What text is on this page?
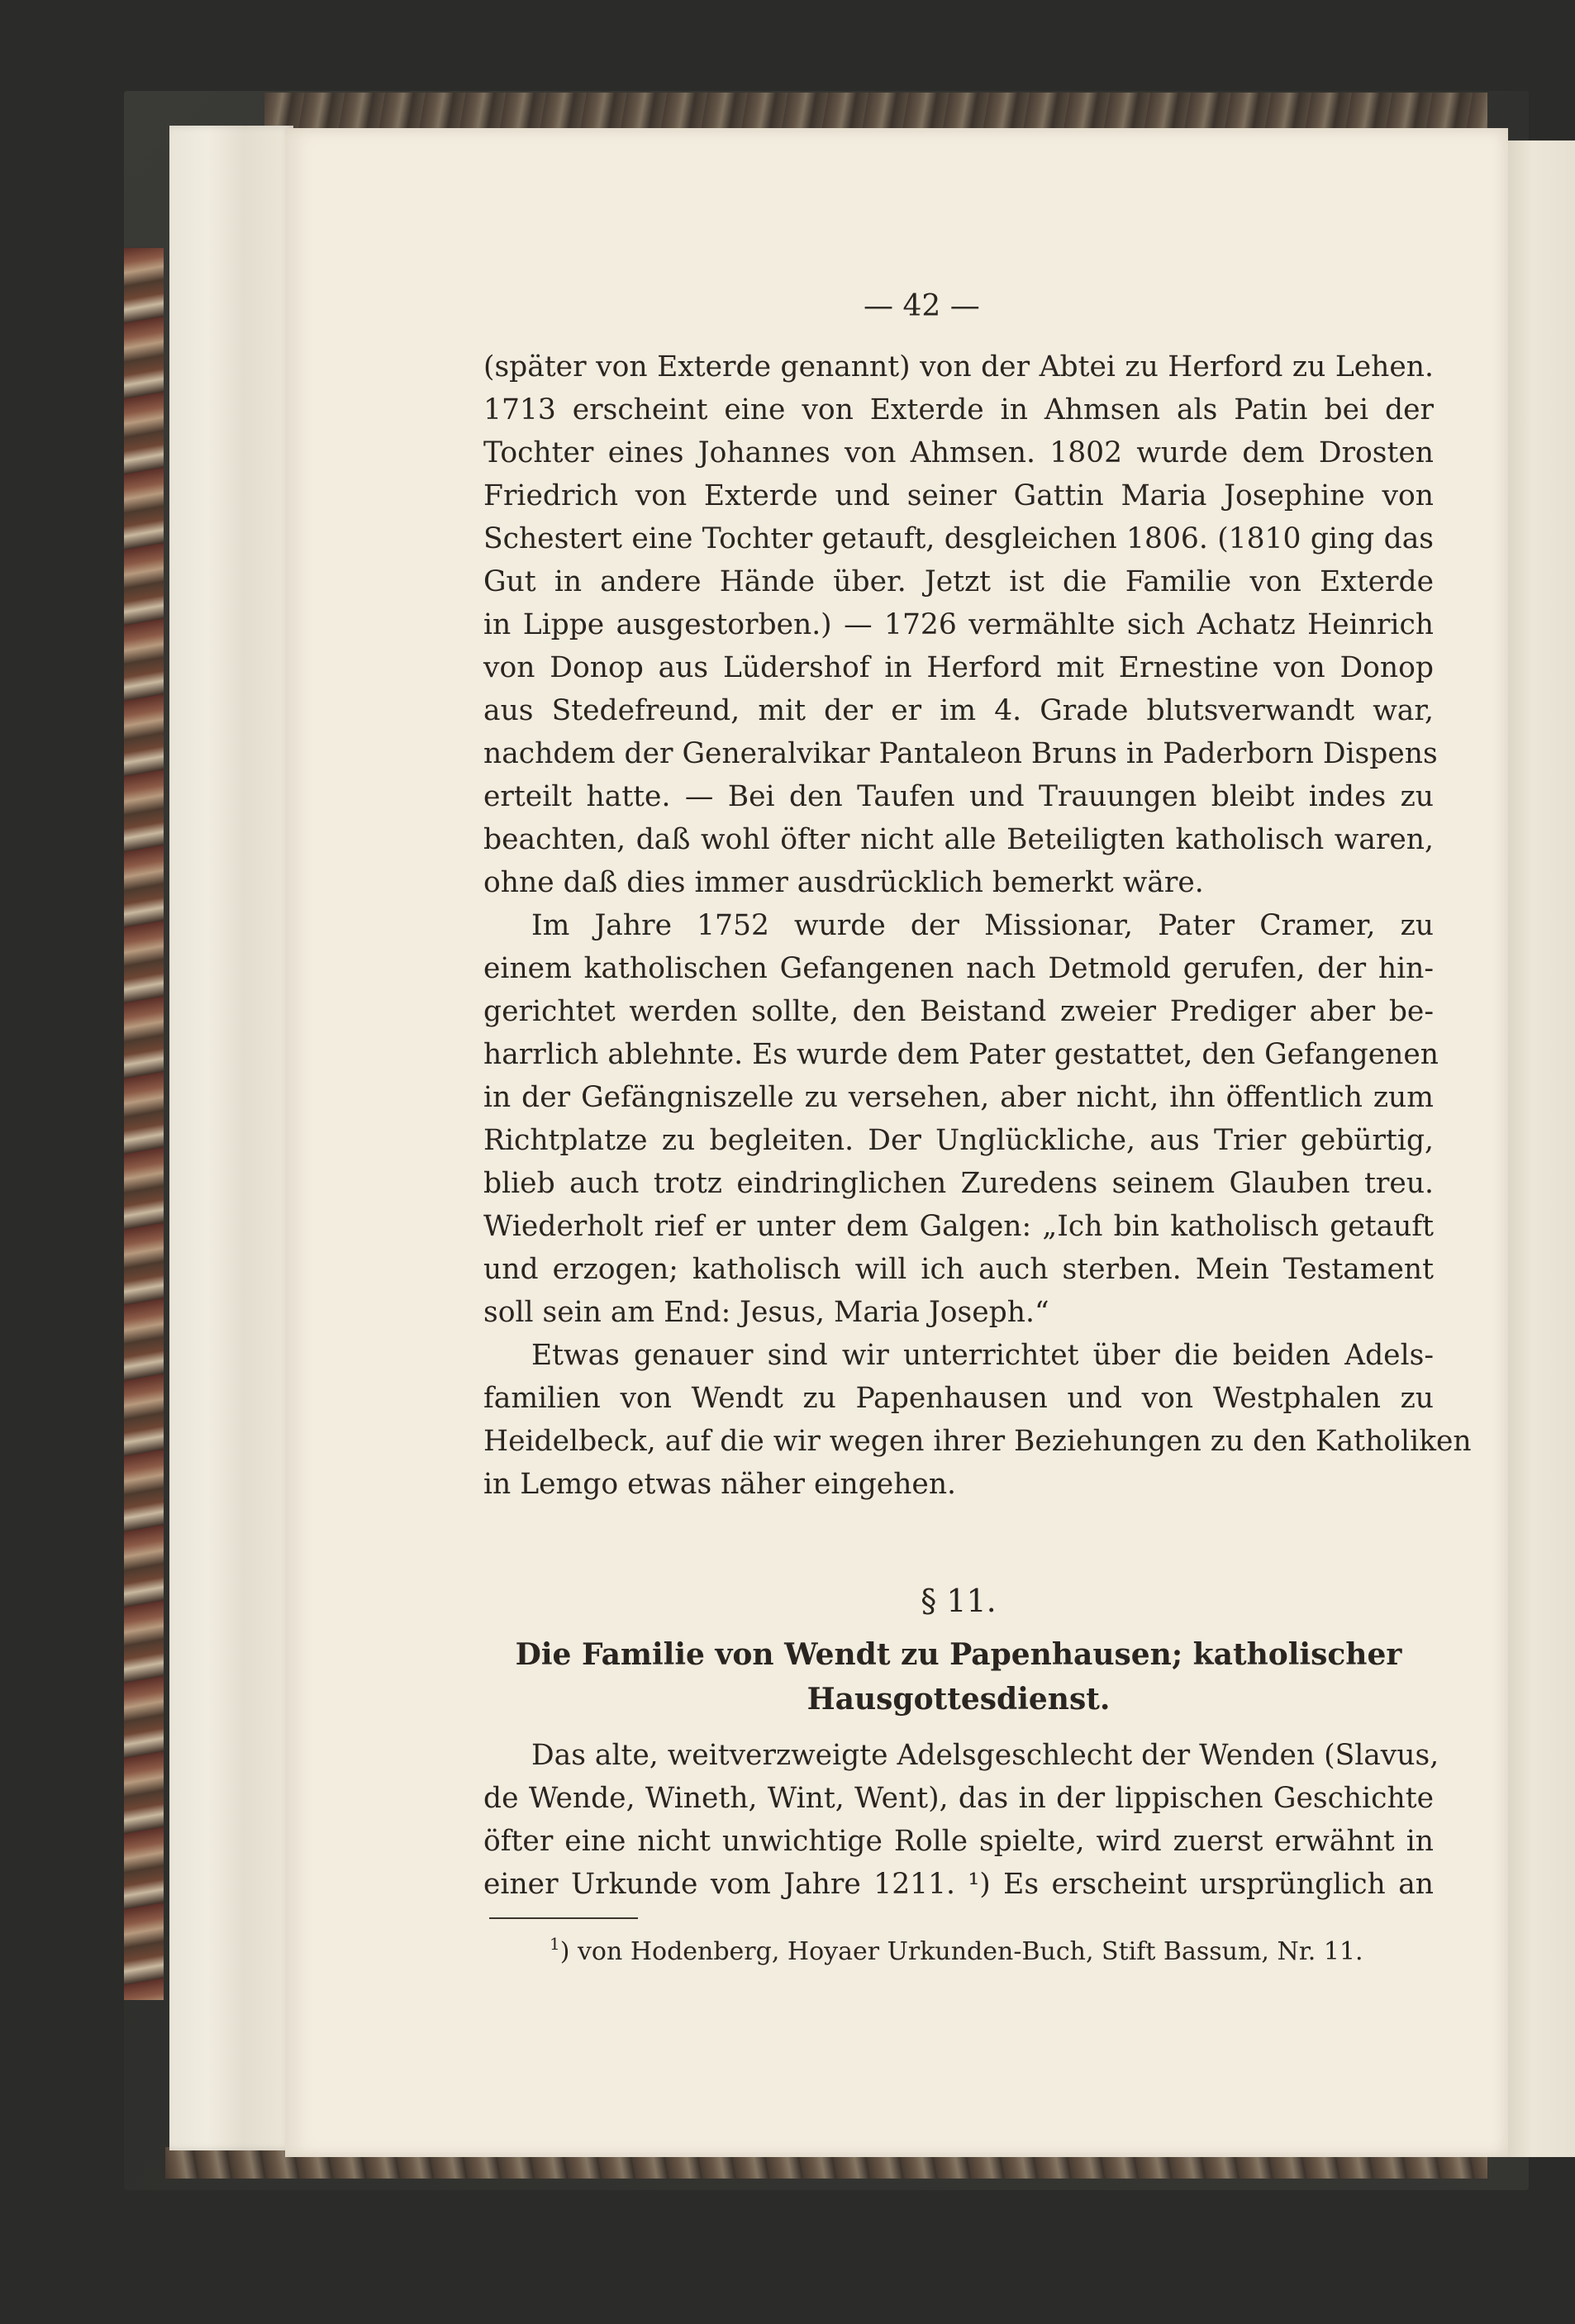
— 42 —
(später von Exterde genannt) von der Abtei zu Herford zu Lehen.
1713 erscheint eine von Exterde in Ahmsen als Patin bei der
Tochter eines Johannes von Ahmsen. 1802 wurde dem Drosten
Friedrich von Exterde und seiner Gattin Maria Josephine von
Schestert eine Tochter getauft, desgleichen 1806. (1810 ging das
Gut in andere Hände über. Jetzt ist die Familie von Exterde
in Lippe ausgestorben.) — 1726 vermählte sich Achatz Heinrich
von Donop aus Lüdershof in Herford mit Ernestine von Donop
aus Stedefreund, mit der er im 4. Grade blutsverwandt war,
nachdem der Generalvikar Pantaleon Bruns in Paderborn Dispens
erteilt hatte. — Bei den Taufen und Trauungen bleibt indes zu
beachten, daß wohl öfter nicht alle Beteiligten katholisch waren,
ohne daß dies immer ausdrücklich bemerkt wäre.
Im Jahre 1752 wurde der Missionar, Pater Cramer, zu
einem katholischen Gefangenen nach Detmold gerufen, der hin-
gerichtet werden sollte, den Beistand zweier Prediger aber be-
harrlich ablehnte. Es wurde dem Pater gestattet, den Gefangenen
in der Gefängniszelle zu versehen, aber nicht, ihn öffentlich zum
Richtplatze zu begleiten. Der Unglückliche, aus Trier gebürtig,
blieb auch trotz eindringlichen Zuredens seinem Glauben treu.
Wiederholt rief er unter dem Galgen: „Ich bin katholisch getauft
und erzogen; katholisch will ich auch sterben. Mein Testament
soll sein am End: Jesus, Maria Joseph.“
Etwas genauer sind wir unterrichtet über die beiden Adels-
familien von Wendt zu Papenhausen und von Westphalen zu
Heidelbeck, auf die wir wegen ihrer Beziehungen zu den Katholiken
in Lemgo etwas näher eingehen.
§ 11.
Die Familie von Wendt zu Papenhausen; katholischer
Hausgottesdienst.
Das alte, weitverzweigte Adelsgeschlecht der Wenden (Slavus,
de Wende, Wineth, Wint, Went), das in der lippischen Geschichte
öfter eine nicht unwichtige Rolle spielte, wird zuerst erwähnt in
einer Urkunde vom Jahre 1211. ¹) Es erscheint ursprünglich an
$^1$) von Hodenberg, Hoyaer Urkunden-Buch, Stift Bassum, Nr. 11.
